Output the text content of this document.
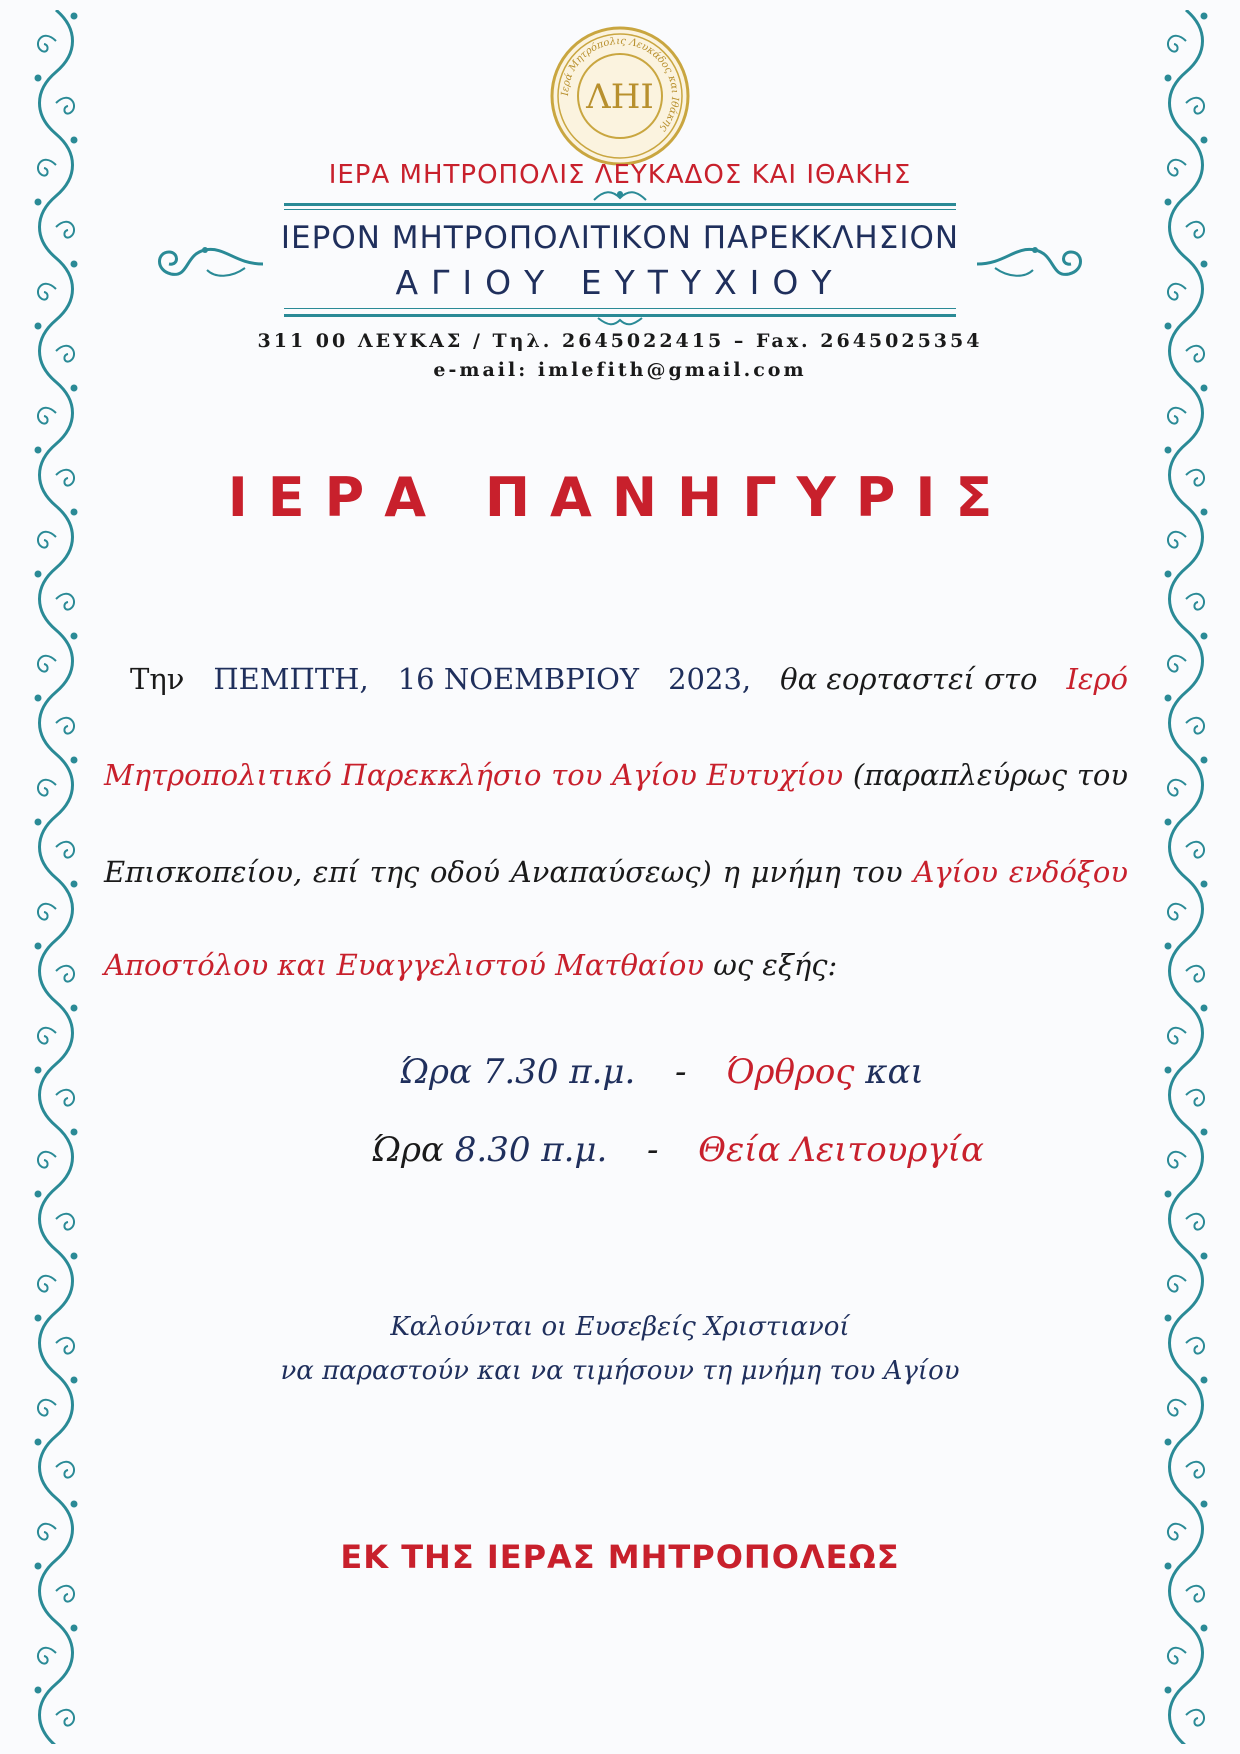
Ιερά Μητρόπολις Λευκάδος και Ιθάκης
ΛΗΙ
ΙΕΡΑ ΜΗΤΡΟΠΟΛΙΣ ΛΕΥΚΑΔΟΣ ΚΑΙ ΙΘΑΚΗΣ
ΙΕΡΟΝ ΜΗΤΡΟΠΟΛΙΤΙΚΟΝ ΠΑΡΕΚΚΛΗΣΙΟΝ
ΑΓΙΟΥ ΕΥΤΥΧΙΟΥ
311 00 ΛΕΥΚΑΣ / Τηλ. 2645022415 – Fax. 2645025354
e-mail: imlefith@gmail.com
ΙΕΡΑ ΠΑΝΗΓΥΡΙΣ
Την ΠΕΜΠΤΗ, 16 ΝΟΕΜΒΡΙΟΥ 2023, θα εορταστεί στο Ιερό
Μητροπολιτικό Παρεκκλήσιο του Αγίου Ευτυχίου (παραπλεύρως του
Επισκοπείου, επί της οδού Αναπαύσεως) η μνήμη του Αγίου ενδόξου
Αποστόλου και Ευαγγελιστού Ματθαίου ως εξής:
Ώρα 7.30 π.μ. - Όρθρος και
Ώρα 8.30 π.μ. - Θεία Λειτουργία
Καλούνται οι Ευσεβείς Χριστιανοί
να παραστούν και να τιμήσουν τη μνήμη του Αγίου
ΕΚ ΤΗΣ ΙΕΡΑΣ ΜΗΤΡΟΠΟΛΕΩΣ
